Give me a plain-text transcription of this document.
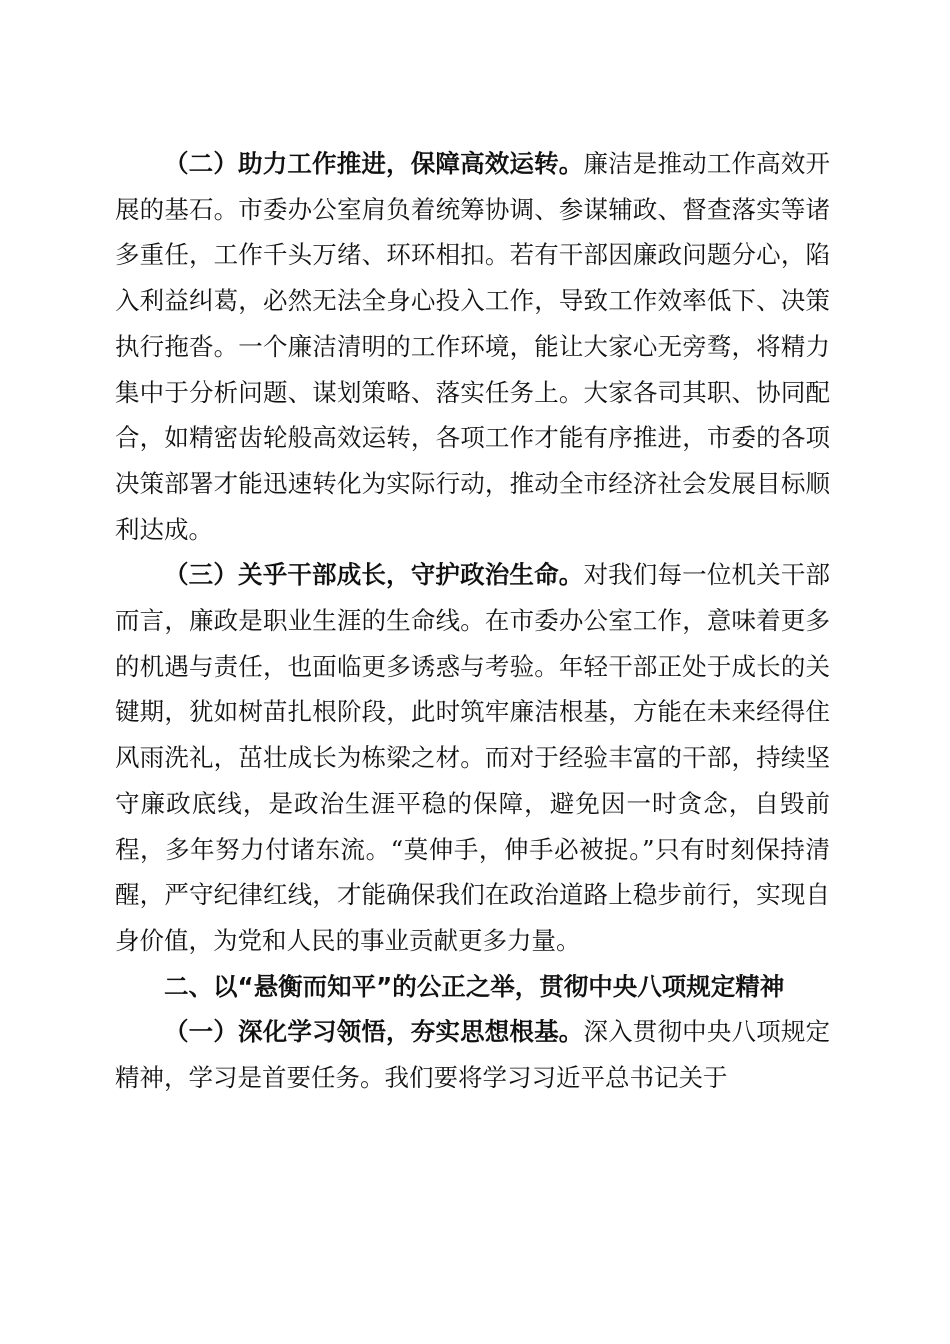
（二）助力工作推进，保障高效运转。廉洁是推动工作高效开展的基石。市委办公室肩负着统筹协调、参谋辅政、督查落实等诸多重任，工作千头万绪、环环相扣。若有干部因廉政问题分心，陷入利益纠葛，必然无法全身心投入工作，导致工作效率低下、决策执行拖沓。一个廉洁清明的工作环境，能让大家心无旁骛，将精力集中于分析问题、谋划策略、落实任务上。大家各司其职、协同配合，如精密齿轮般高效运转，各项工作才能有序推进，市委的各项决策部署才能迅速转化为实际行动，推动全市经济社会发展目标顺利达成。

（三）关乎干部成长，守护政治生命。对我们每一位机关干部而言，廉政是职业生涯的生命线。在市委办公室工作，意味着更多的机遇与责任，也面临更多诱惑与考验。年轻干部正处于成长的关键期，犹如树苗扎根阶段，此时筑牢廉洁根基，方能在未来经得住风雨洗礼，茁壮成长为栋梁之材。而对于经验丰富的干部，持续坚守廉政底线，是政治生涯平稳的保障，避免因一时贪念，自毁前程，多年努力付诸东流。“莫伸手，伸手必被捉。”只有时刻保持清醒，严守纪律红线，才能确保我们在政治道路上稳步前行，实现自身价值，为党和人民的事业贡献更多力量。

二、以“悬衡而知平”的公正之举，贯彻中央八项规定精神

（一）深化学习领悟，夯实思想根基。深入贯彻中央八项规定精神，学习是首要任务。我们要将学习习近平总书记关于
